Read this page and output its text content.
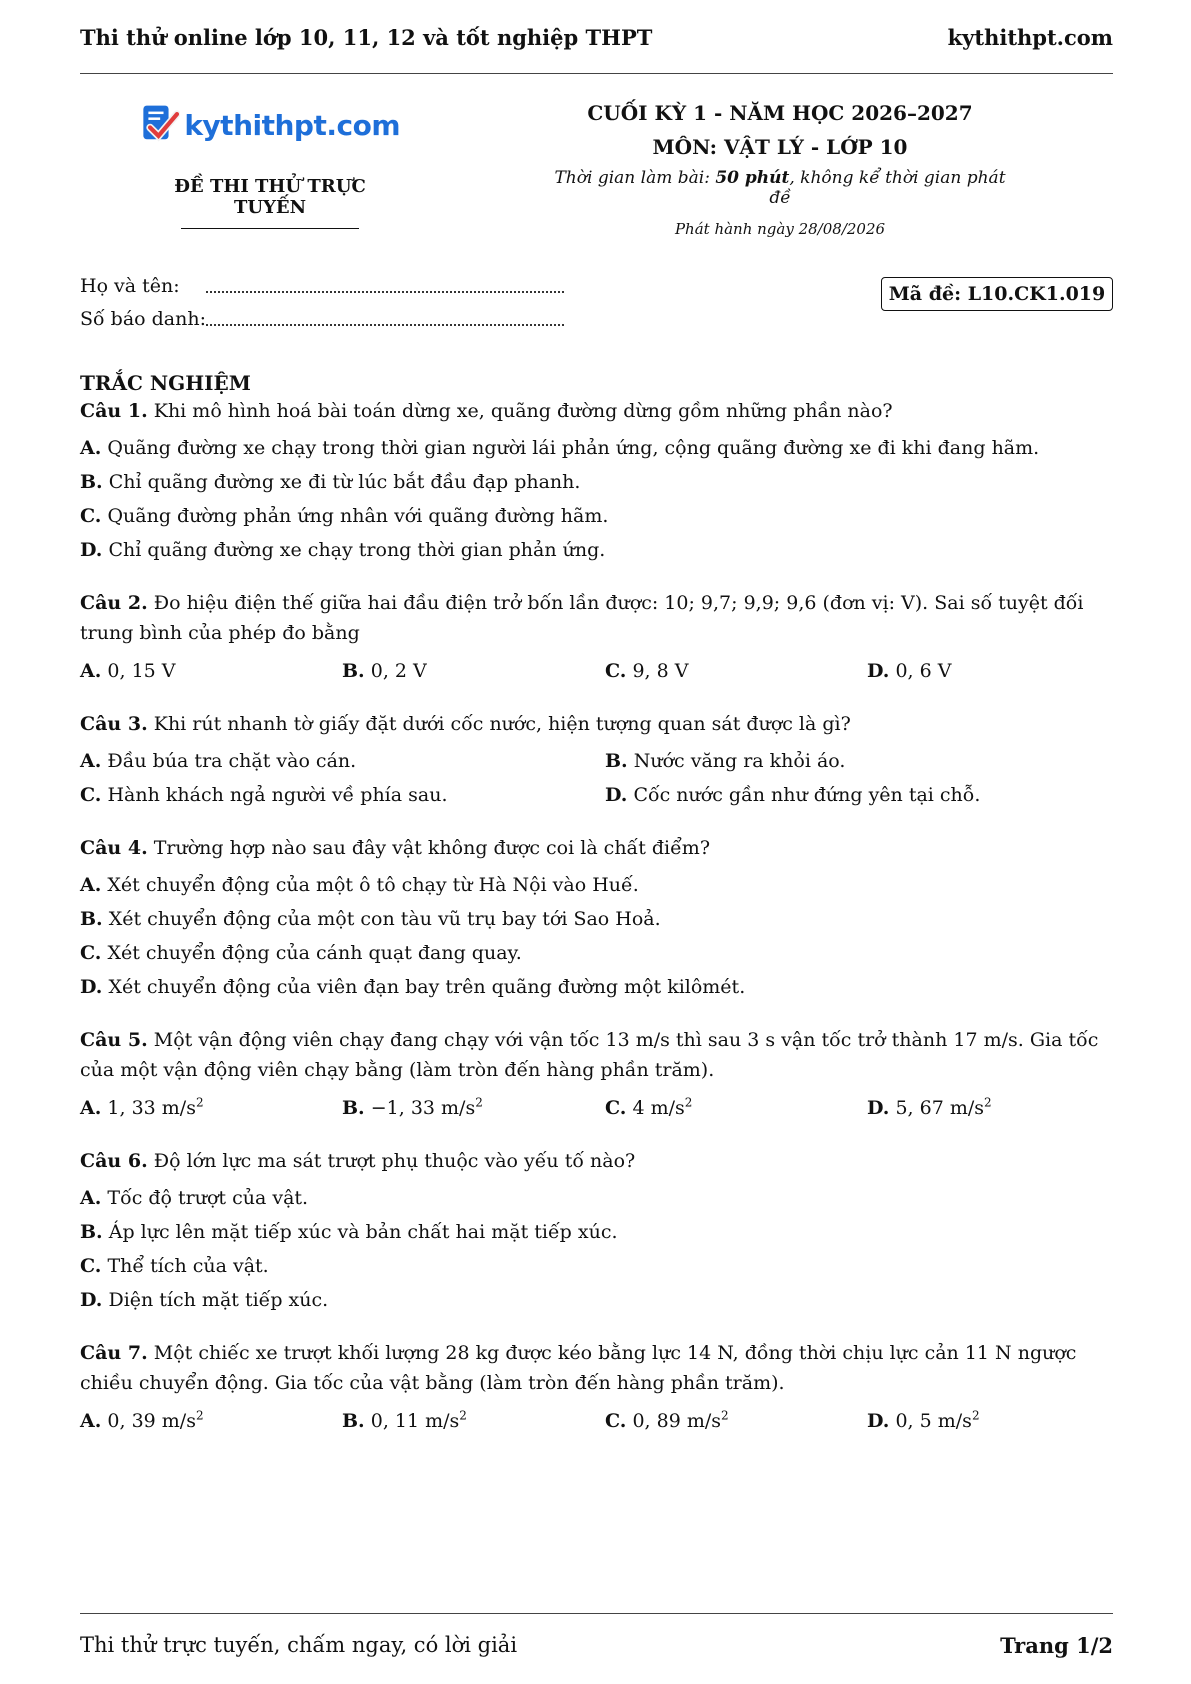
Thi thử online lớp 10, 11, 12 và tốt nghiệp THPT	kythithpt.com
kythithpt.com
ĐỀ THI THỬ TRỰC TUYẾN
CUỐI KỲ 1 - NĂM HỌC 2026–2027
MÔN: VẬT LÝ - LỚP 10
Thời gian làm bài: 50 phút, không kể thời gian phát đề
Phát hành ngày 28/08/2026
Họ và tên:
Số báo danh:
Mã đề: L10.CK1.019
TRẮC NGHIỆM
Câu 1. Khi mô hình hoá bài toán dừng xe, quãng đường dừng gồm những phần nào?
A. Quãng đường xe chạy trong thời gian người lái phản ứng, cộng quãng đường xe đi khi đang hãm.
B. Chỉ quãng đường xe đi từ lúc bắt đầu đạp phanh.
C. Quãng đường phản ứng nhân với quãng đường hãm.
D. Chỉ quãng đường xe chạy trong thời gian phản ứng.
Câu 2. Đo hiệu điện thế giữa hai đầu điện trở bốn lần được: 10; 9,7; 9,9; 9,6 (đơn vị: V). Sai số tuyệt đối trung bình của phép đo bằng
A. 0, 15 V	B. 0, 2 V	C. 9, 8 V	D. 0, 6 V
Câu 3. Khi rút nhanh tờ giấy đặt dưới cốc nước, hiện tượng quan sát được là gì?
A. Đầu búa tra chặt vào cán.	B. Nước văng ra khỏi áo.
C. Hành khách ngả người về phía sau.	D. Cốc nước gần như đứng yên tại chỗ.
Câu 4. Trường hợp nào sau đây vật không được coi là chất điểm?
A. Xét chuyển động của một ô tô chạy từ Hà Nội vào Huế.
B. Xét chuyển động của một con tàu vũ trụ bay tới Sao Hoả.
C. Xét chuyển động của cánh quạt đang quay.
D. Xét chuyển động của viên đạn bay trên quãng đường một kilômét.
Câu 5. Một vận động viên chạy đang chạy với vận tốc 13 m/s thì sau 3 s vận tốc trở thành 17 m/s. Gia tốc của một vận động viên chạy bằng (làm tròn đến hàng phần trăm).
A. 1, 33 $m/s^2$	B. −1, 33 $m/s^2$	C. 4 $m/s^2$	D. 5, 67 $m/s^2$
Câu 6. Độ lớn lực ma sát trượt phụ thuộc vào yếu tố nào?
A. Tốc độ trượt của vật.
B. Áp lực lên mặt tiếp xúc và bản chất hai mặt tiếp xúc.
C. Thể tích của vật.
D. Diện tích mặt tiếp xúc.
Câu 7. Một chiếc xe trượt khối lượng 28 kg được kéo bằng lực 14 N, đồng thời chịu lực cản 11 N ngược chiều chuyển động. Gia tốc của vật bằng (làm tròn đến hàng phần trăm).
A. 0, 39 $m/s^2$	B. 0, 11 $m/s^2$	C. 0, 89 $m/s^2$	D. 0, 5 $m/s^2$
Thi thử trực tuyến, chấm ngay, có lời giải	Trang 1/2
